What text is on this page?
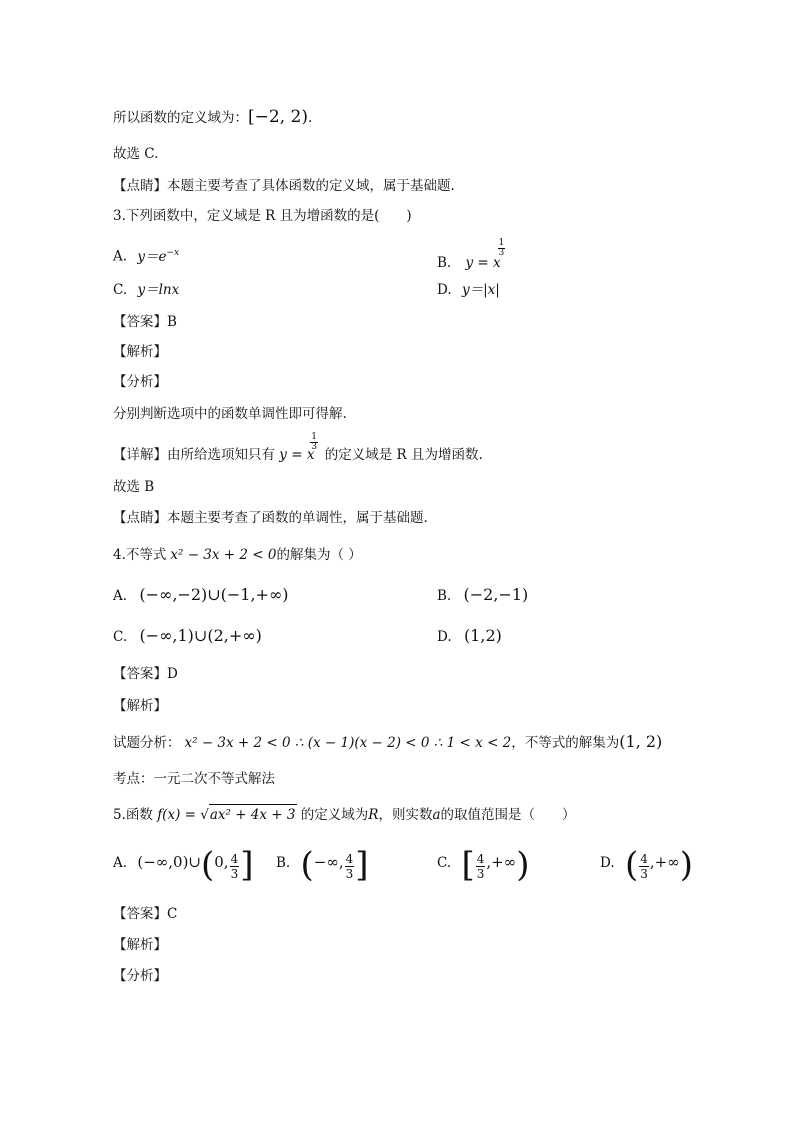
所以函数的定义域为：[−2, 2).
故选 C.
【点睛】本题主要考查了具体函数的定义域，属于基础题.
3.下列函数中，定义域是 R 且为增函数的是(　　)
A. $y=e^{-x}$
B. y = x
$\frac{1}{3}$
C. y＝lnx	D. y＝|x|
【答案】B
【解析】
【分析】
分别判断选项中的函数单调性即可得解.
【详解】由所给选项知只有 y = x
$\frac{1}{3}$
的定义域是 R 且为增函数.
故选 B
【点睛】本题主要考查了函数的单调性，属于基础题.
4.不等式 x² − 3x + 2 < 0的解集为（ ）
A. (−∞,−2)∪(−1,+∞)	B. (−2,−1)
C. (−∞,1)∪(2,+∞)	D. (1,2)
【答案】D
【解析】
试题分析： x² − 3x + 2 < 0 ∴ (x − 1)(x − 2) < 0 ∴ 1 < x < 2，不等式的解集为(1, 2)
考点：一元二次不等式解法
5.函数 f(x) = √ax² + 4x + 3 的定义域为R，则实数a的取值范围是（　　）
A. (−∞,0)∪(0, $\frac{4}{3}$ ] B. (−∞, $\frac{4}{3}$ ]	C. [ $\frac{4}{3}$ ,+∞)	D. ( $\frac{4}{3}$ ,+∞)
【答案】C
【解析】
【分析】
